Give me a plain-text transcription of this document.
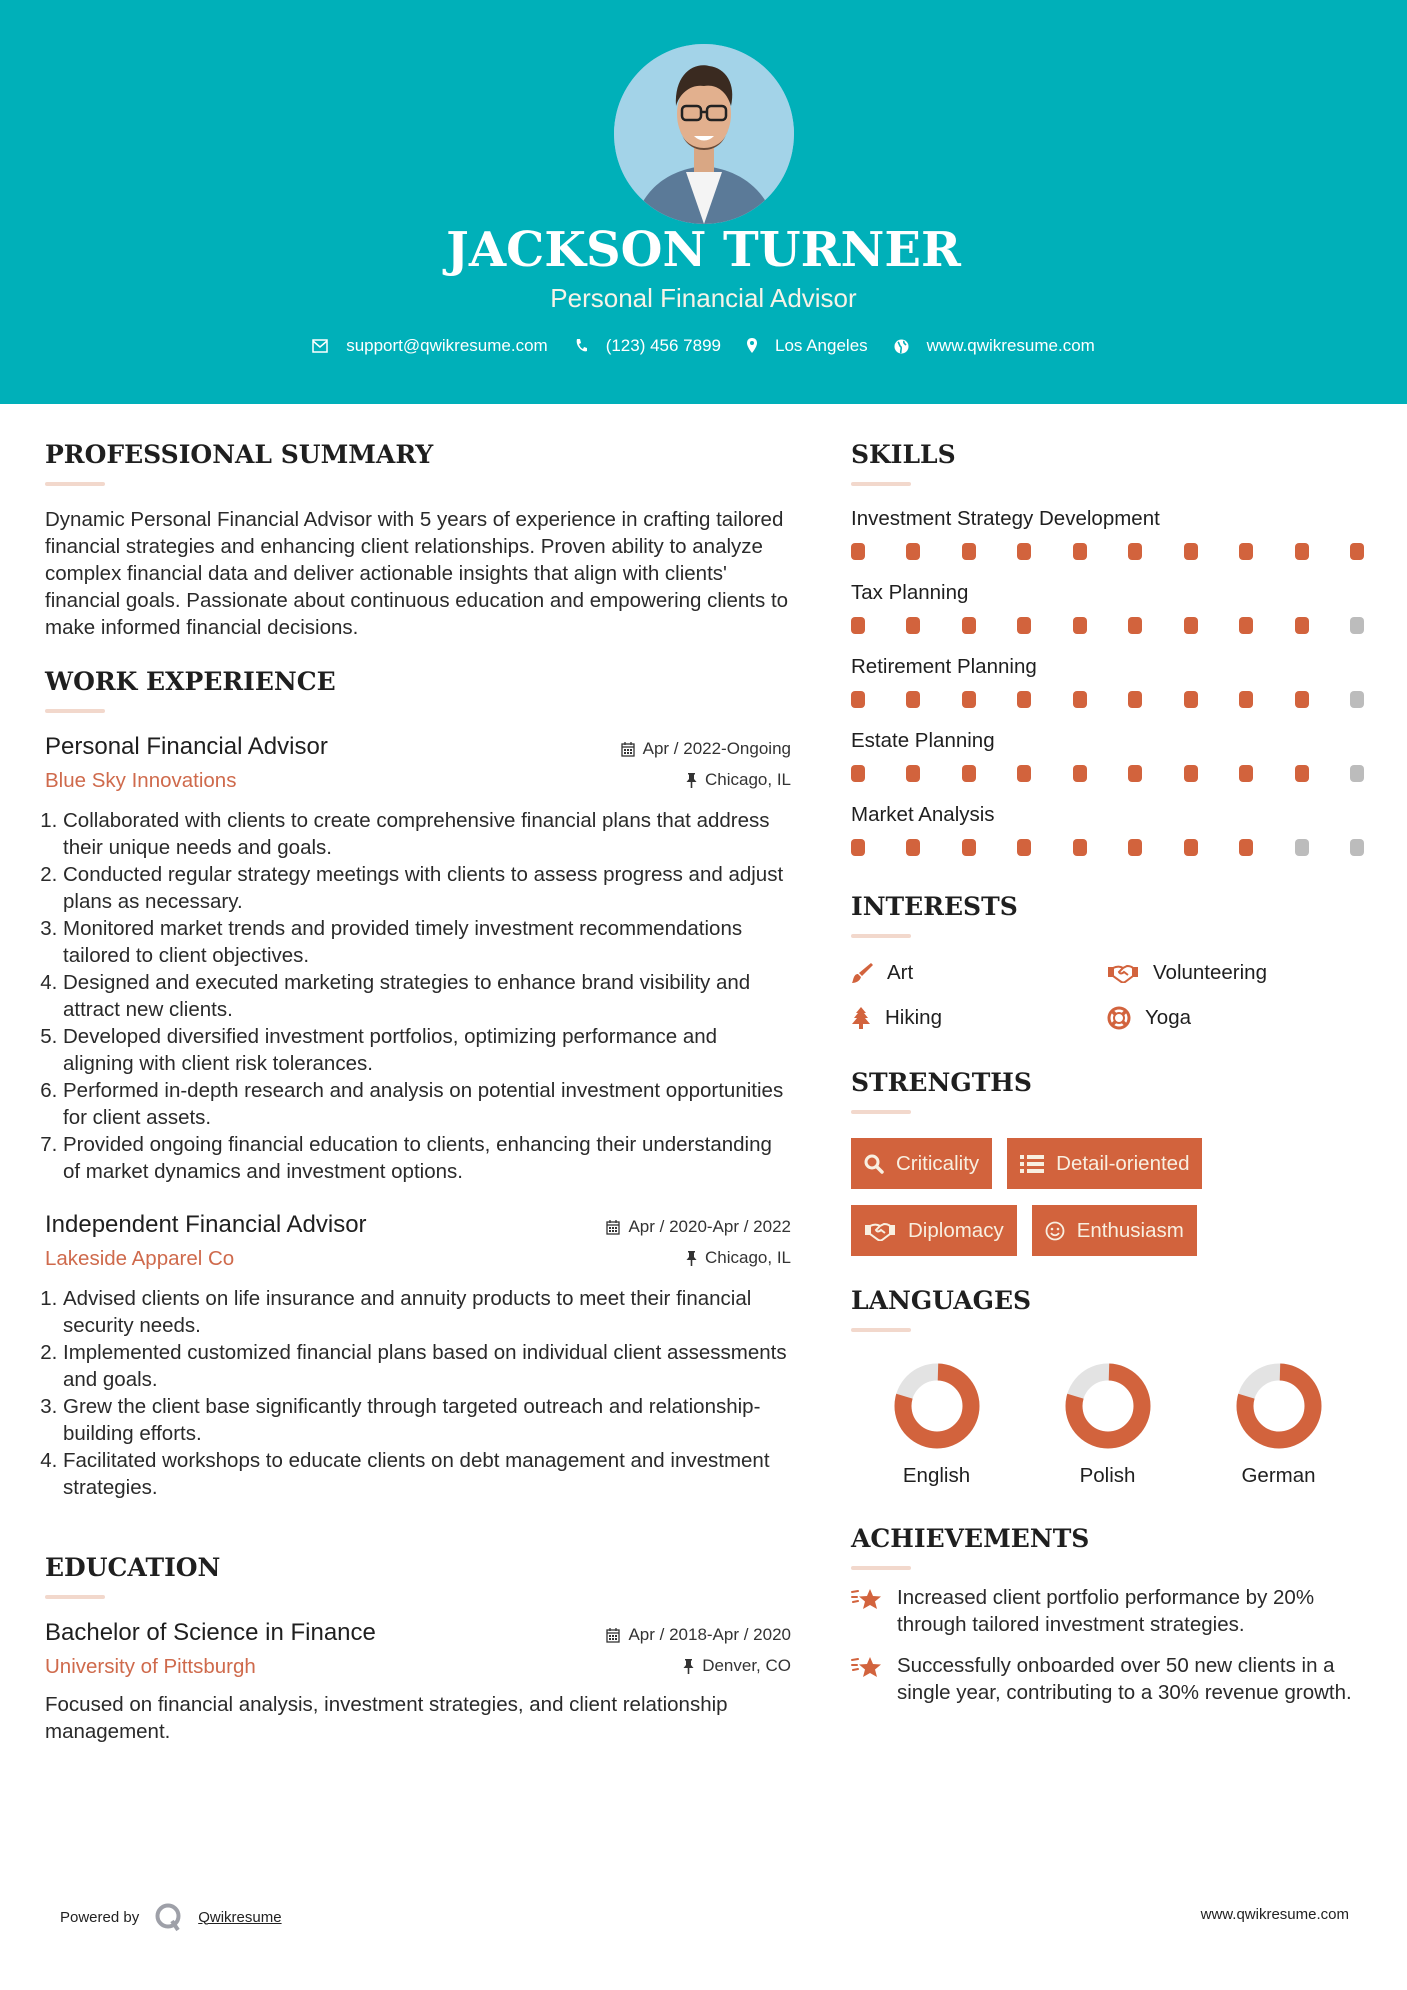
JACKSON TURNER
Personal Financial Advisor
support@qwikresume.com	(123) 456 7899	Los Angeles	www.qwikresume.com
PROFESSIONAL SUMMARY

Dynamic Personal Financial Advisor with 5 years of experience in crafting tailored financial strategies and enhancing client relationships. Proven ability to analyze complex financial data and deliver actionable insights that align with clients' financial goals. Passionate about continuous education and empowering clients to make informed financial decisions.

WORK EXPERIENCE
Personal Financial Advisor
Blue Sky Innovations
Apr / 2022-Ongoing
Chicago, IL
1. Collaborated with clients to create comprehensive financial plans that address their unique needs and goals.
2. Conducted regular strategy meetings with clients to assess progress and adjust plans as necessary.
3. Monitored market trends and provided timely investment recommendations tailored to client objectives.
4. Designed and executed marketing strategies to enhance brand visibility and attract new clients.
5. Developed diversified investment portfolios, optimizing performance and aligning with client risk tolerances.
6. Performed in-depth research and analysis on potential investment opportunities for client assets.
7. Provided ongoing financial education to clients, enhancing their understanding of market dynamics and investment options.
Independent Financial Advisor
Lakeside Apparel Co
Apr / 2020-Apr / 2022
Chicago, IL
1. Advised clients on life insurance and annuity products to meet their financial security needs.
2. Implemented customized financial plans based on individual client assessments and goals.
3. Grew the client base significantly through targeted outreach and relationship-building efforts.
4. Facilitated workshops to educate clients on debt management and investment strategies.
EDUCATION
Bachelor of Science in Finance
University of Pittsburgh
Apr / 2018-Apr / 2020
Denver, CO

Focused on financial analysis, investment strategies, and client relationship management.

SKILLS
Investment Strategy Development
Tax Planning
Retirement Planning
Estate Planning
Market Analysis
INTERESTS
Art	Volunteering
Hiking	Yoga
STRENGTHS
Criticality	Detail-oriented
Diplomacy	Enthusiasm
LANGUAGES
English	Polish	German
ACHIEVEMENTS
Increased client portfolio performance by 20% through tailored investment strategies.
Successfully onboarded over 50 new clients in a single year, contributing to a 30% revenue growth.
Powered by	Qwikresume	www.qwikresume.com
